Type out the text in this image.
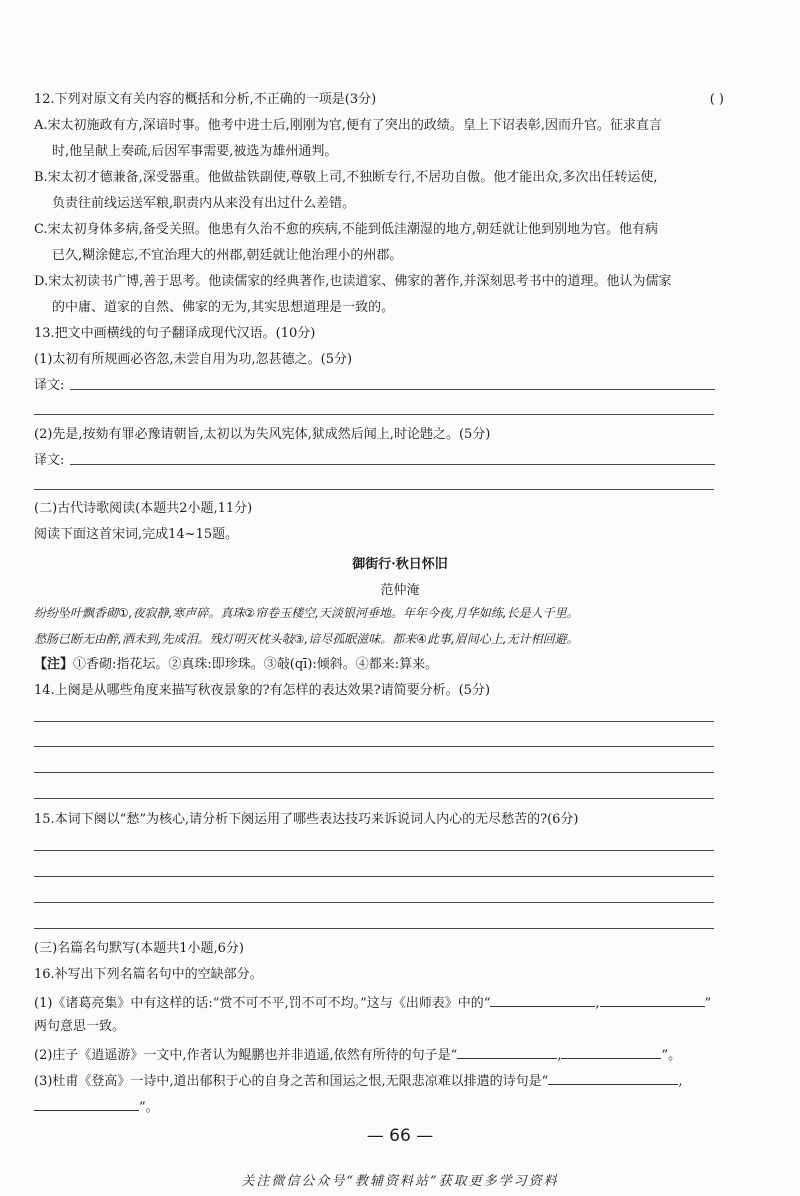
12.下列对原文有关内容的概括和分析,不正确的一项是(3分)	( )
A.宋太初施政有方,深谙时事。他考中进士后,刚刚为官,便有了突出的政绩。皇上下诏表彰,因而升官。征求直言
时,他呈献上奏疏,后因军事需要,被选为雄州通判。
B.宋太初才德兼备,深受器重。他做盐铁副使,尊敬上司,不独断专行,不居功自傲。他才能出众,多次出任转运使,
负责往前线运送军粮,职责内从来没有出过什么差错。
C.宋太初身体多病,备受关照。他患有久治不愈的疾病,不能到低洼潮湿的地方,朝廷就让他到别地为官。他有病
已久,糊涂健忘,不宜治理大的州郡,朝廷就让他治理小的州郡。
D.宋太初读书广博,善于思考。他读儒家的经典著作,也读道家、佛家的著作,并深刻思考书中的道理。他认为儒家
的中庸、道家的自然、佛家的无为,其实思想道理是一致的。
13.把文中画横线的句子翻译成现代汉语。(10分)
(1)太初有所规画必咨忽,未尝自用为功,忽甚德之。(5分)
译文:
(2)先是,按劾有罪必豫请朝旨,太初以为失风宪体,狱成然后闻上,时论韪之。(5分)
译文:
(二)古代诗歌阅读(本题共2小题,11分)
阅读下面这首宋词,完成14~15题。
御街行·秋日怀旧
范仲淹
纷纷坠叶飘香砌①,夜寂静,寒声碎。真珠②帘卷玉楼空,天淡银河垂地。年年今夜,月华如练,长是人千里。
愁肠已断无由醉,酒未到,先成泪。残灯明灭枕头敧③,谙尽孤眠滋味。都来④此事,眉间心上,无计相回避。
【注】①香砌:指花坛。②真珠:即珍珠。③敧(qī):倾斜。④都来:算来。
14.上阕是从哪些角度来描写秋夜景象的?有怎样的表达效果?请简要分析。(5分)
15.本词下阕以“愁”为核心,请分析下阕运用了哪些表达技巧来诉说词人内心的无尽愁苦的?(6分)
(三)名篇名句默写(本题共1小题,6分)
16.补写出下列名篇名句中的空缺部分。
(1)《诸葛亮集》中有这样的话:“赏不可不平,罚不可不均。”这与《出师表》中的“	,	”
两句意思一致。
(2)庄子《逍遥游》一文中,作者认为鲲鹏也并非逍遥,依然有所待的句子是“	,	”。
(3)杜甫《登高》一诗中,道出郁积于心的自身之苦和国运之恨,无限悲凉难以排遣的诗句是“	,
”。
— 66 —
关注微信公众号“教辅资料站”获取更多学习资料
